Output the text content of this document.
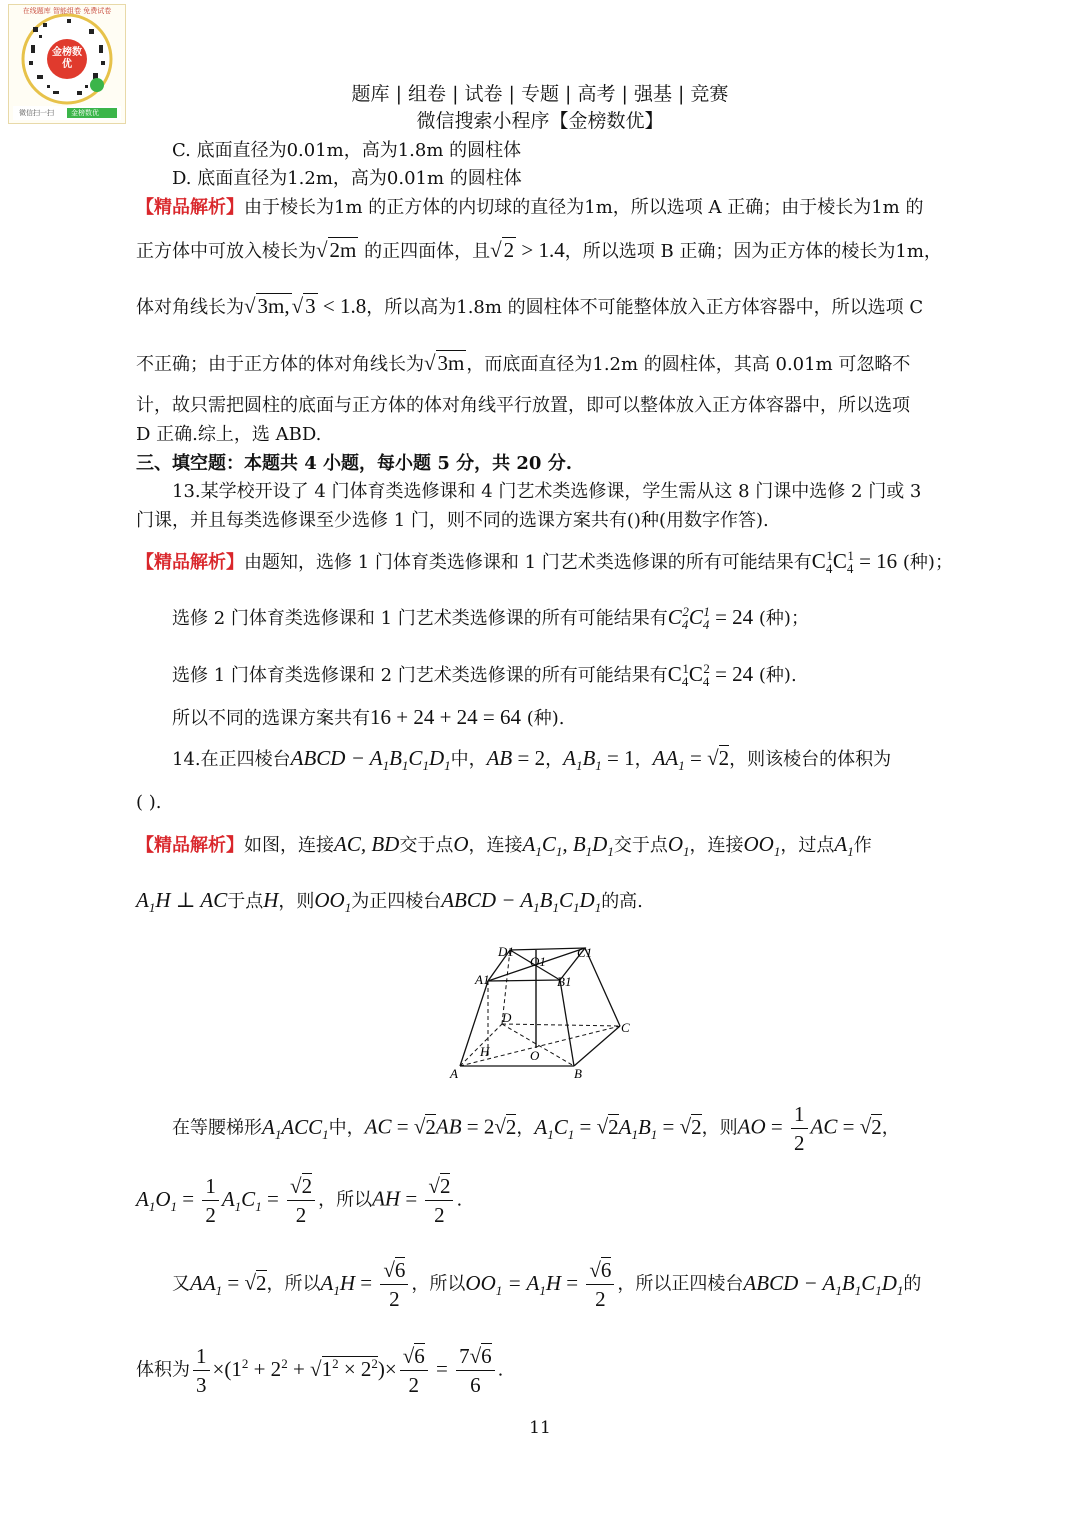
金榜数优
在线题库 智能组卷 免费试卷
微信扫一扫 金榜数优
题库 | 组卷 | 试卷 | 专题 | 高考 | 强基 | 竞赛
微信搜索小程序【金榜数优】
C. 底面直径为0.01m，高为1.8m 的圆柱体
D. 底面直径为1.2m，高为0.01m 的圆柱体
【精品解析】由于棱长为1m 的正方体的内切球的直径为1m，所以选项 A 正确；由于棱长为1m 的
正方体中可放入棱长为√2m 的正四面体，且√2 > 1.4，所以选项 B 正确；因为正方体的棱长为1m，
体对角线长为√3m,√3 < 1.8，所以高为1.8m 的圆柱体不可能整体放入正方体容器中，所以选项 C
不正确；由于正方体的体对角线长为√3m ，而底面直径为1.2m 的圆柱体，其高 0.01m 可忽略不
计，故只需把圆柱的底面与正方体的体对角线平行放置，即可以整体放入正方体容器中，所以选项
D 正确.综上，选 ABD.
三、填空题：本题共 4 小题，每小题 5 分，共 20 分.
13.某学校开设了 4 门体育类选修课和 4 门艺术类选修课，学生需从这 8 门课中选修 2 门或 3
门课，并且每类选修课至少选修 1 门，则不同的选课方案共有()种(用数字作答).
【精品解析】由题知，选修 1 门体育类选修课和 1 门艺术类选修课的所有可能结果有$C_4^1C_4^1 = 16$ (种)；
选修 2 门体育类选修课和 1 门艺术类选修课的所有可能结果有$C_4^2C_4^1 = 24$ (种)；
选修 1 门体育类选修课和 2 门艺术类选修课的所有可能结果有$C_4^1C_4^2 = 24$ (种).
所以不同的选课方案共有16 + 24 + 24 = 64 (种).
14.在正四棱台ABCD − $A_1B_1C_1D_1$中，AB = 2，$A_1B_1 = 1$，$AA_1 = √2$，则该棱台的体积为
( ).
【精品解析】如图，连接AC, BD交于点O，连接$A_1C_1$, $B_1D_1$交于点$O_1$，连接$OO_1$，过点$A_1$作
$A_1H$ ⊥ AC于点H，则$OO_1$为正四棱台ABCD − $A_1B_1C_1D_1$的高.
D1	C1
O1
A1	B1
D
C
H	O
A	B
在等腰梯形$A_1ACC_1$中，AC = √2AB = 2√2，$A_1C_1 = √2A_1B_1 = √2$，则AO = $\frac{1}{2}$ AC = √2，
$A_1O_1 = \frac{1}{2} A_1C_1 = \frac{√2}{2}$ ，所以AH = $\frac{√2}{2}$ .
又$AA_1 = √2$，所以$A_1H = \frac{√6}{2}$ ，所以$OO_1 = A_1H = \frac{√6}{2}$ ，所以正四棱台ABCD − $A_1B_1C_1D_1$的
体积为 $\frac{1}{3} \times(1^2 + 2^2 + √1^2 \times 2^2)\times \frac{√6}{2} = \frac{7√6}{6}$ .
11
